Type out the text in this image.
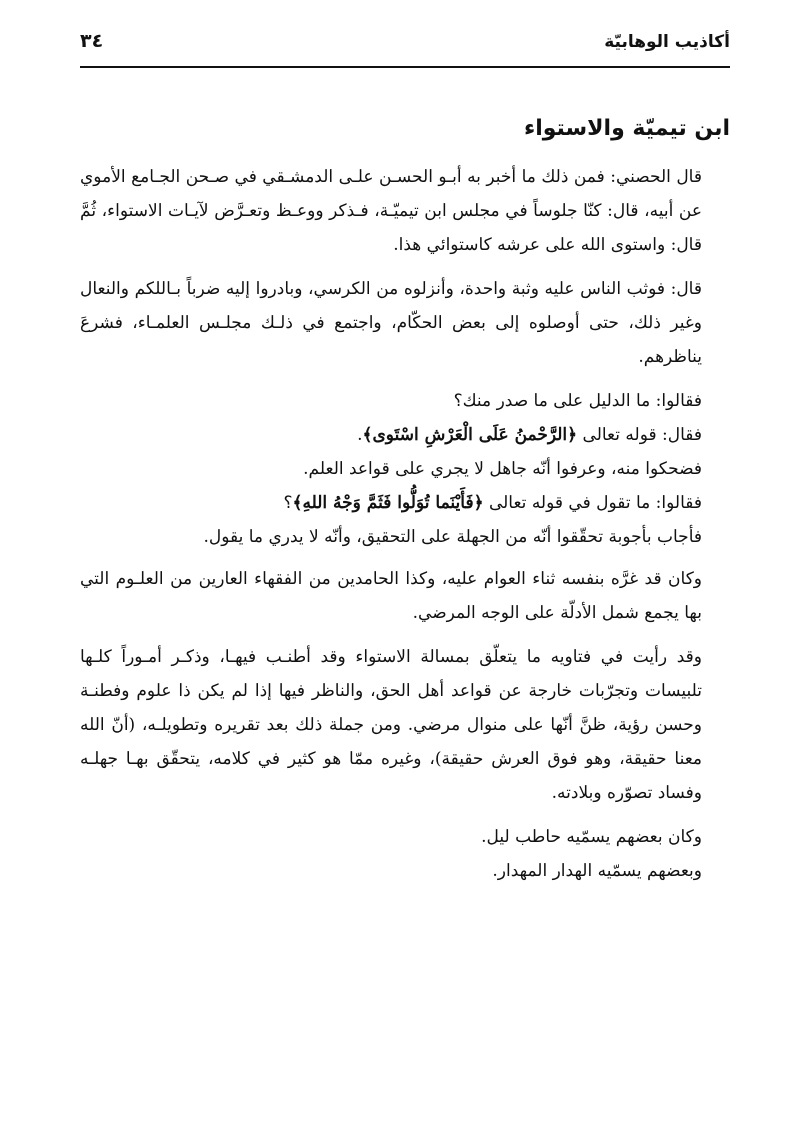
أكاذيب الوهابيّة
٣٤
ابن تيميّة والاستواء

قال الحصني: فمن ذلك ما أخبر به أبـو الحسـن علـى الدمشـقي في صـحن الجـامع الأموي عن أبيه، قال: كنّا جلوساً في مجلس ابن تيميّـة، فـذكر ووعـظ وتعـرَّض لآيـات الاستواء، ثُمَّ قال: واستوى الله على عرشه كاستوائي هذا.

قال: فوثب الناس عليه وثبة واحدة، وأنزلوه من الكرسي، وبادروا إليه ضرباً بـاللكم والنعال وغير ذلك، حتى أوصلوه إلى بعض الحكّام، واجتمع في ذلـك مجلـس العلمـاء، فشرعَ يناظرهم.

فقالوا: ما الدليل على ما صدر منك؟

فقال: قوله تعالى ﴿الرَّحْمنُ عَلَى الْعَرْشِ اسْتَوى﴾.

فضحكوا منه، وعرفوا أنّه جاهل لا يجري على قواعد العلم.

فقالوا: ما تقول في قوله تعالى ﴿فَأَيْنَما تُوَلُّوا فَثَمَّ وَجْهُ اللهِ﴾؟

فأجاب بأجوبة تحقّقوا أنّه من الجهلة على التحقيق، وأنّه لا يدري ما يقول.

وكان قد غرَّه بنفسه ثناء العوام عليه، وكذا الحامدين من الفقهاء العارين من العلـوم التي بها يجمع شمل الأدلّة على الوجه المرضي.

وقد رأيت في فتاويه ما يتعلّق بمسالة الاستواء وقد أطنـب فيهـا، وذكـر أمـوراً كلـها تلبيسات وتجرّبات خارجة عن قواعد أهل الحق، والناظر فيها إذا لم يكن ذا علوم وفطنـة وحسن رؤية، ظنَّ أنّها على منوال مرضي. ومن جملة ذلك بعد تقريره وتطويلـه، (أنّ الله معنا حقيقة، وهو فوق العرش حقيقة)، وغيره ممّا هو كثير في كلامه، يتحقّق بهـا جهلـه وفساد تصوّره وبلادته.

وكان بعضهم يسمّيه حاطب ليل.

وبعضهم يسمّيه الهدار المهدار.
